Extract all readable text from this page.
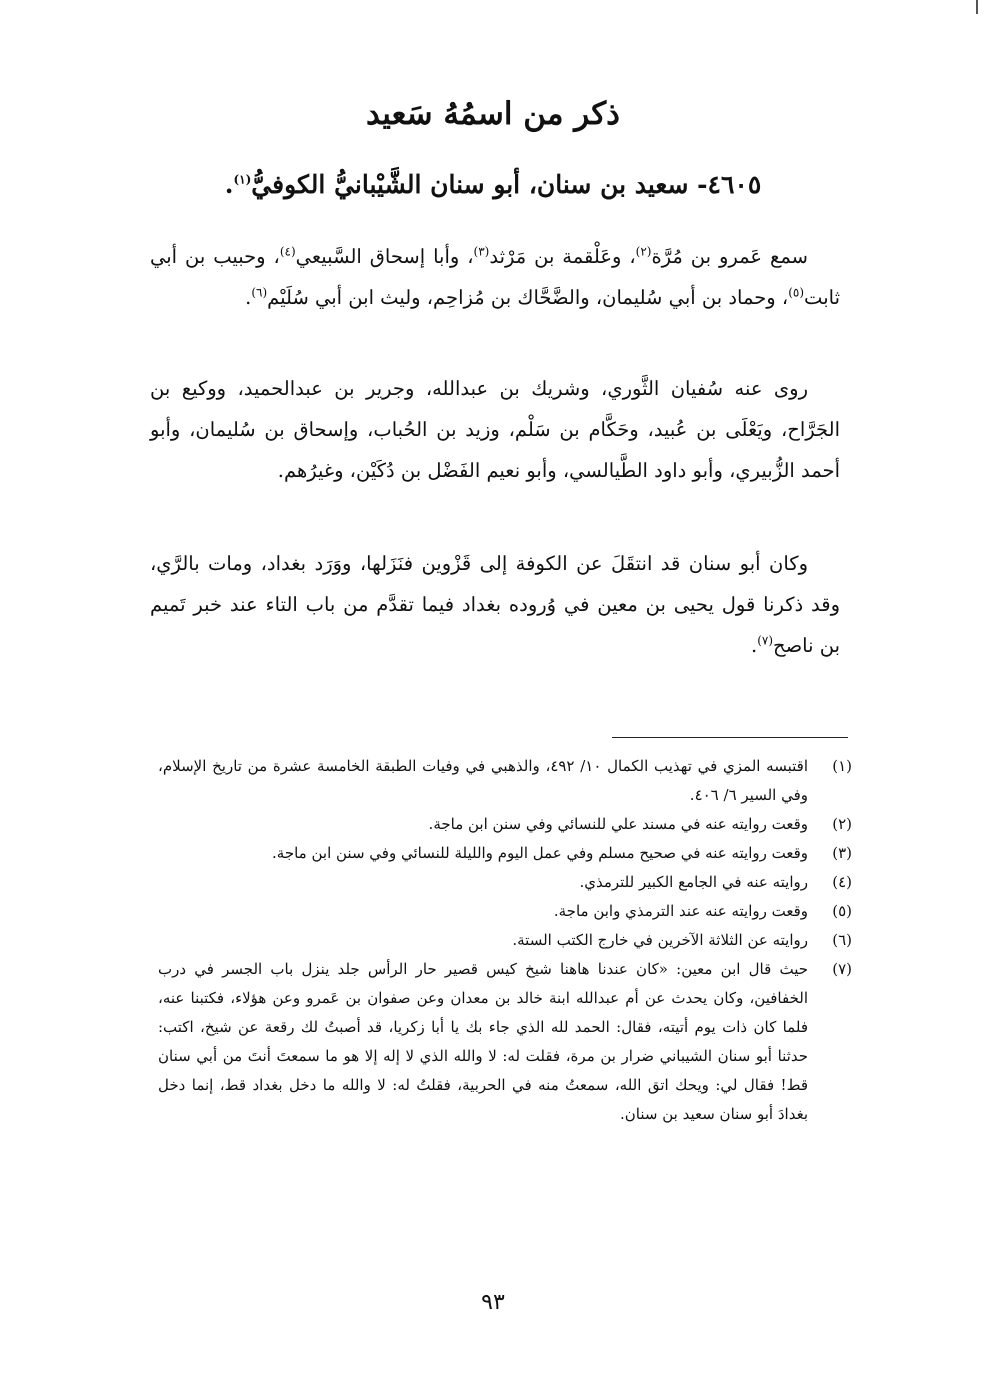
ذكر من اسمُهُ سَعيد
٤٦٠٥- سعيد بن سنان، أبو سنان الشَّيْبانيُّ الكوفيُّ$^{(١)}$.

سمع عَمرو بن مُرَّة$^{(٢)}$، وعَلْقمة بن مَرْثد$^{(٣)}$، وأبا إسحاق السَّبيعي$^{(٤)}$، وحبيب بن أبي ثابت$^{(٥)}$، وحماد بن أبي سُليمان، والضَّحَّاك بن مُزاحِم، وليث ابن أبي سُلَيْم$^{(٦)}$.

روى عنه سُفيان الثَّوري، وشريك بن عبدالله، وجرير بن عبدالحميد، ووكيع بن الجَرَّاح، ويَعْلَى بن عُبيد، وحَكَّام بن سَلْم، وزيد بن الحُباب، وإسحاق بن سُليمان، وأبو أحمد الزُّبيري، وأبو داود الطَّيالسي، وأبو نعيم الفَضْل بن دُكَيْن، وغيرُهم.

وكان أبو سنان قد انتقَلَ عن الكوفة إلى قَزْوين فنَزَلها، ووَرَد بغداد، ومات بالرَّي، وقد ذكرنا قول يحيى بن معين في وُروده بغداد فيما تقدَّم من باب التاء عند خبر تَميم بن ناصح$^{(٧)}$.

(١)
اقتبسه المزي في تهذيب الكمال ١٠/ ٤٩٢، والذهبي في وفيات الطبقة الخامسة عشرة من تاريخ الإسلام، وفي السير ٦/ ٤٠٦.
(٢)
وقعت روايته عنه في مسند علي للنسائي وفي سنن ابن ماجة.
(٣)
وقعت روايته عنه في صحيح مسلم وفي عمل اليوم والليلة للنسائي وفي سنن ابن ماجة.
(٤)
روايته عنه في الجامع الكبير للترمذي.
(٥)
وقعت روايته عنه عند الترمذي وابن ماجة.
(٦)
روايته عن الثلاثة الآخرين في خارج الكتب الستة.
(٧)
حيث قال ابن معين: «كان عندنا هاهنا شيخ كيس قصير حار الرأس جلد ينزل باب الجسر في درب الخفافين، وكان يحدث عن أم عبدالله ابنة خالد بن معدان وعن صفوان بن عَمرو وعن هؤلاء، فكتبنا عنه، فلما كان ذات يوم أتيته، فقال: الحمد لله الذي جاء بك يا أبا زكريا، قد أصبتُ لك رقعة عن شيخ، اكتب: حدثنا أبو سنان الشيباني ضرار بن مرة، فقلت له: لا والله الذي لا إله إلا هو ما سمعتَ أنتَ من أبي سنان قط! فقال لي: ويحك اتق الله، سمعتُ منه في الحربية، فقلتُ له: لا والله ما دخل بغداد قط، إنما دخل بغدادَ أبو سنان سعيد بن سنان.
٩٣
